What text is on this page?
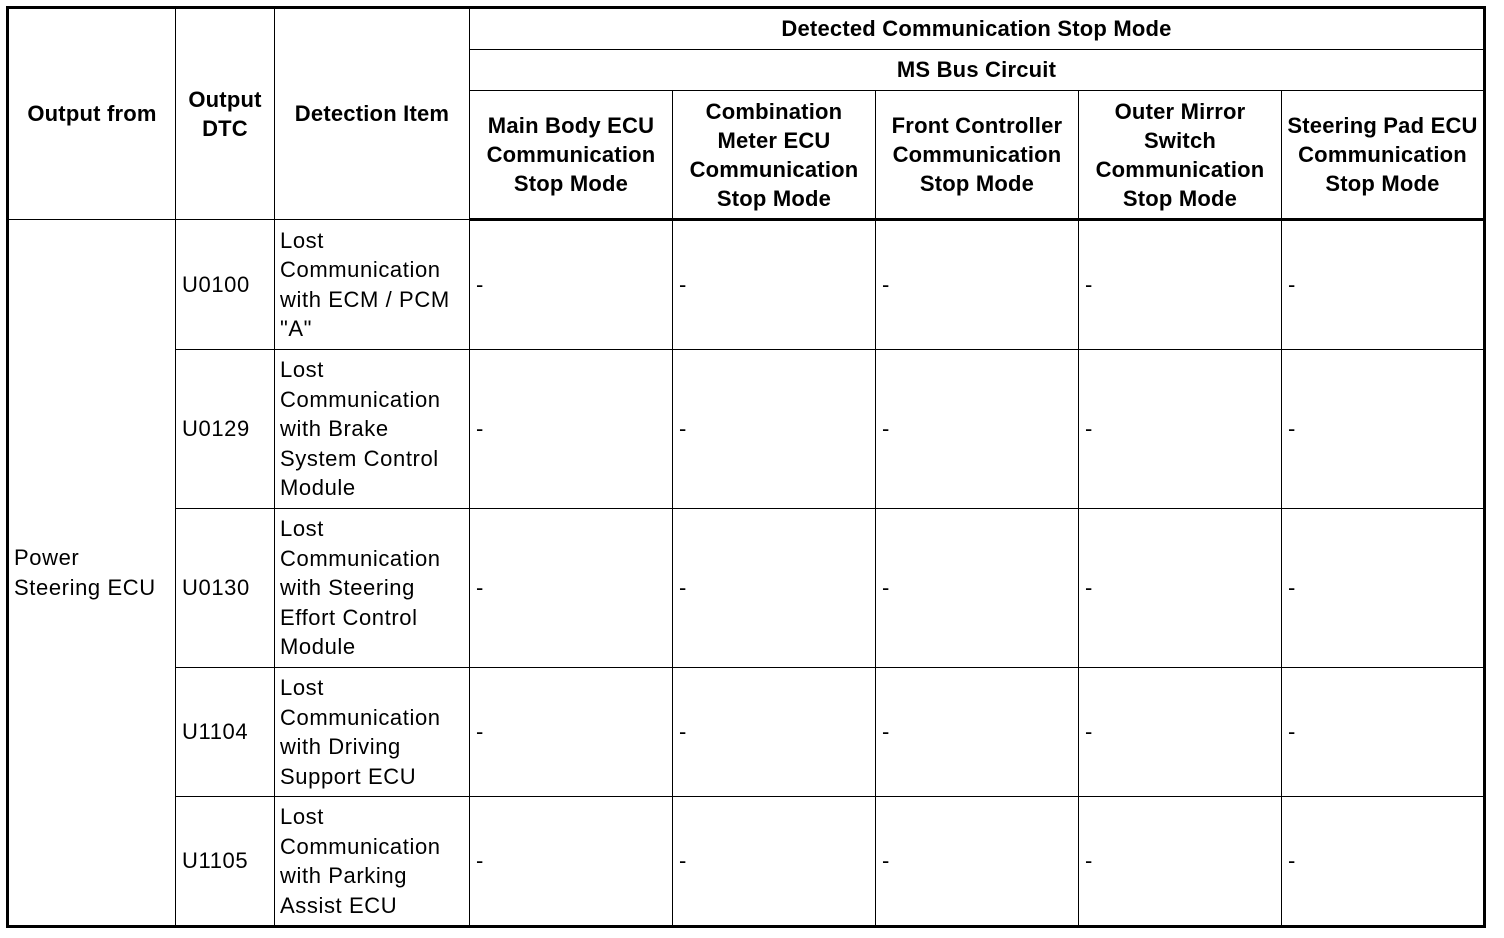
Output from	Output DTC	Detection Item	Detected Communication Stop Mode				
			MS Bus Circuit				
			Main Body ECU Communication Stop Mode	Combination Meter ECU Communication Stop Mode	Front Controller Communication Stop Mode	Outer Mirror Switch Communication Stop Mode	Steering Pad ECU Communication Stop Mode
Power Steering ECU	U0100	Lost Communication with ECM / PCM "A"	-	-	-	-	-
	U0129	Lost Communication with Brake System Control Module	-	-	-	-	-
	U0130	Lost Communication with Steering Effort Control Module	-	-	-	-	-
	U1104	Lost Communication with Driving Support ECU	-	-	-	-	-
	U1105	Lost Communication with Parking Assist ECU	-	-	-	-	-
